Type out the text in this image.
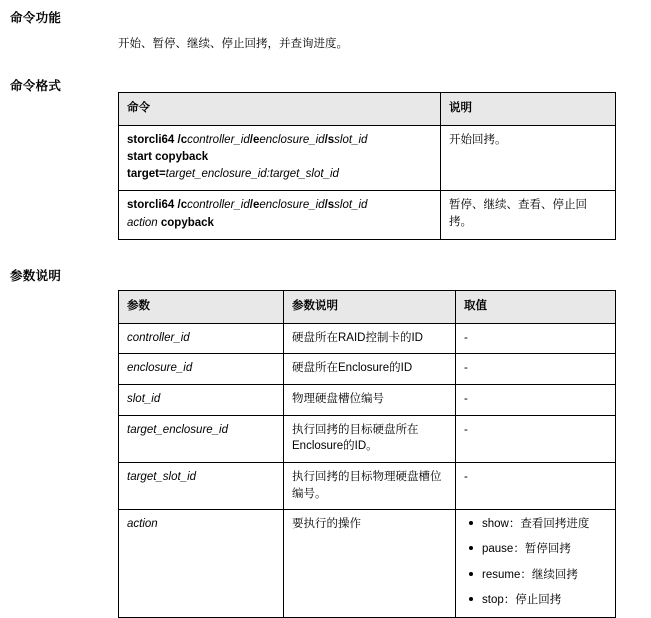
命令功能
开始、暂停、继续、停止回拷，并查询进度。
命令格式
命令	说明

storcli64 /ccontroller_id/eenclosure_id/sslot_id
start copyback
target=target_enclosure_id:target_slot_id	开始回拷。

storcli64 /ccontroller_id/eenclosure_id/sslot_id
action copyback	暂停、继续、查看、停止回拷。
参数说明
参数	参数说明	取值
controller_id	硬盘所在RAID控制卡的ID	-
enclosure_id	硬盘所在Enclosure的ID	-
slot_id	物理硬盘槽位编号	-
target_enclosure_id	执行回拷的目标硬盘所在Enclosure的ID。	-
target_slot_id	执行回拷的目标物理硬盘槽位编号。	-
action	要执行的操作	show：查看回拷进度
pause：暂停回拷
resume：继续回拷
stop：停止回拷
